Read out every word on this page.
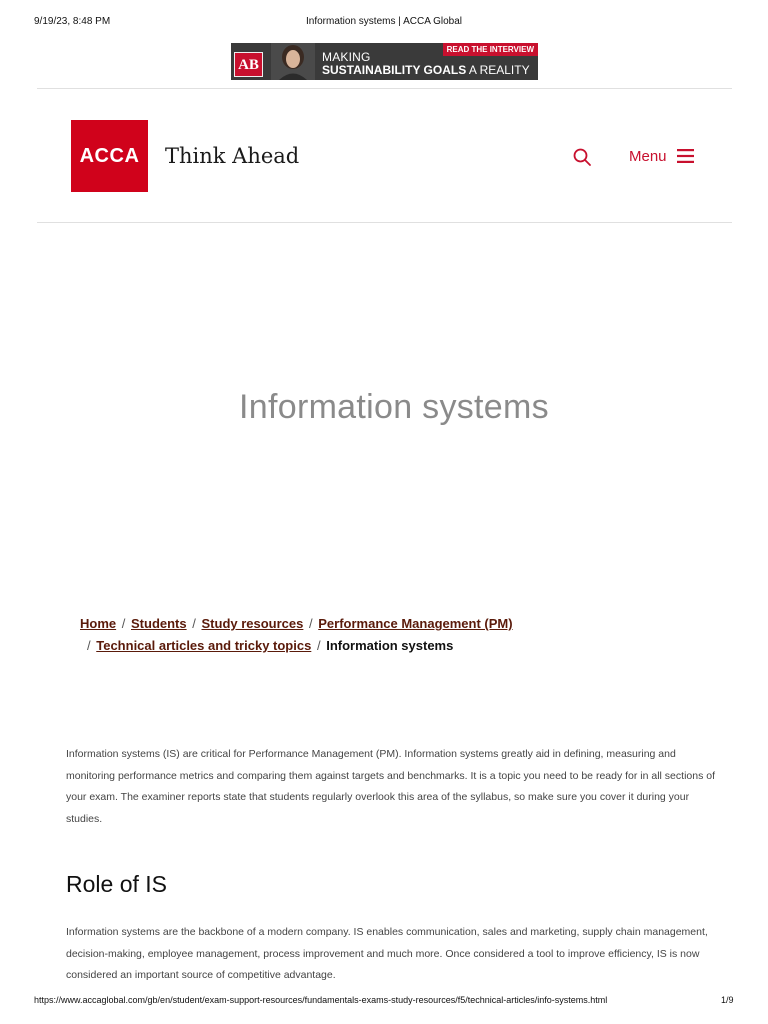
9/19/23, 8:48 PM	Information systems | ACCA Global
AB	MAKING
SUSTAINABILITY GOALS A REALITY
READ THE INTERVIEW
ACCA	Think Ahead	Menu
Information systems
Home / Students / Study resources / Performance Management (PM)
/ Technical articles and tricky topics / Information systems

Information systems (IS) are critical for Performance Management (PM). Information systems greatly aid in defining, measuring and monitoring performance metrics and comparing them against targets and benchmarks. It is a topic you need to be ready for in all sections of your exam. The examiner reports state that students regularly overlook this area of the syllabus, so make sure you cover it during your studies.

Role of IS

Information systems are the backbone of a modern company. IS enables communication, sales and marketing, supply chain management, decision-making, employee management, process improvement and much more. Once considered a tool to improve efficiency, IS is now considered an important source of competitive advantage.

https://www.accaglobal.com/gb/en/student/exam-support-resources/fundamentals-exams-study-resources/f5/technical-articles/info-systems.html	1/9
